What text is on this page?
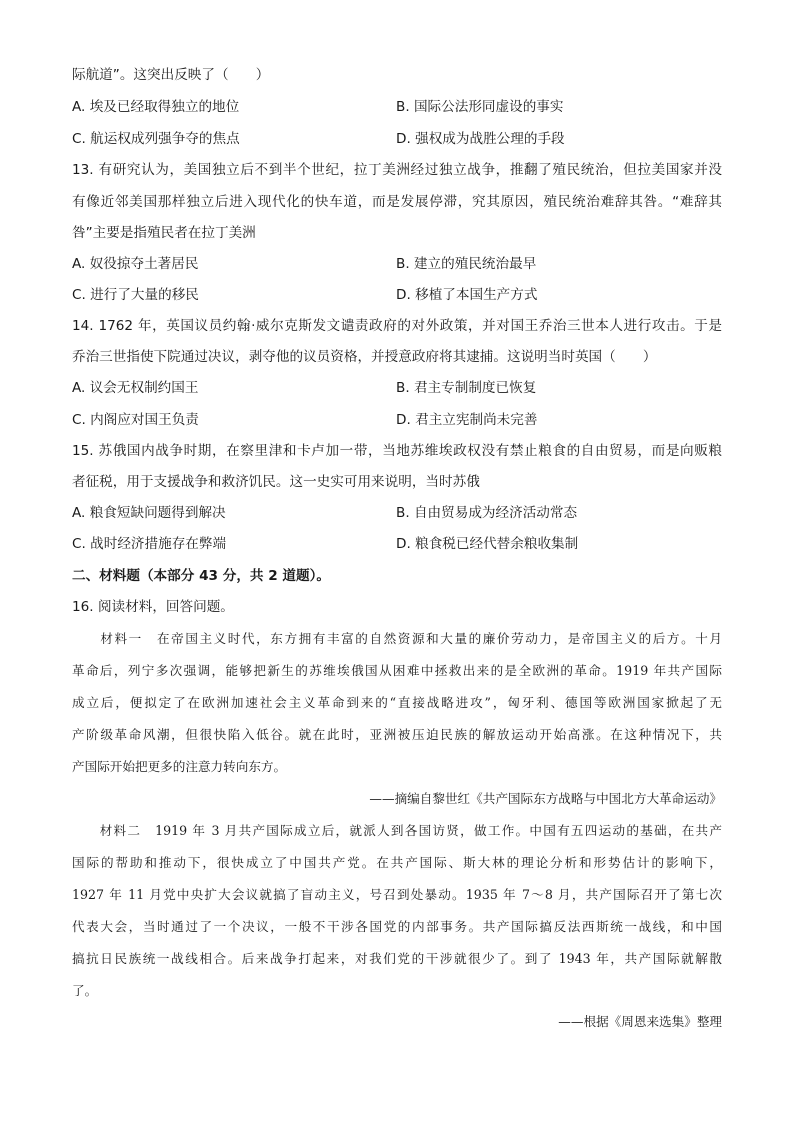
际航道”。这突出反映了（　　）
A. 埃及已经取得独立的地位	B. 国际公法形同虚设的事实
C. 航运权成列强争夺的焦点	D. 强权成为战胜公理的手段
13. 有研究认为，美国独立后不到半个世纪，拉丁美洲经过独立战争，推翻了殖民统治，但拉美国家并没
有像近邻美国那样独立后进入现代化的快车道，而是发展停滞，究其原因，殖民统治难辞其咎。“难辞其
咎”主要是指殖民者在拉丁美洲
A. 奴役掠夺土著居民	B. 建立的殖民统治最早
C. 进行了大量的移民	D. 移植了本国生产方式
14. 1762 年，英国议员约翰·威尔克斯发文谴责政府的对外政策，并对国王乔治三世本人进行攻击。于是
乔治三世指使下院通过决议，剥夺他的议员资格，并授意政府将其逮捕。这说明当时英国（　　）
A. 议会无权制约国王	B. 君主专制制度已恢复
C. 内阁应对国王负责	D. 君主立宪制尚未完善
15. 苏俄国内战争时期，在察里津和卡卢加一带，当地苏维埃政权没有禁止粮食的自由贸易，而是向贩粮
者征税，用于支援战争和救济饥民。这一史实可用来说明，当时苏俄
A. 粮食短缺问题得到解决	B. 自由贸易成为经济活动常态
C. 战时经济措施存在弊端	D. 粮食税已经代替余粮收集制
二、材料题（本部分 43 分，共 2 道题）。
16. 阅读材料，回答问题。
　　材料一　在帝国主义时代，东方拥有丰富的自然资源和大量的廉价劳动力，是帝国主义的后方。十月
革命后，列宁多次强调，能够把新生的苏维埃俄国从困难中拯救出来的是全欧洲的革命。1919 年共产国际
成立后，便拟定了在欧洲加速社会主义革命到来的“直接战略进攻”，匈牙利、德国等欧洲国家掀起了无
产阶级革命风潮，但很快陷入低谷。就在此时，亚洲被压迫民族的解放运动开始高涨。在这种情况下，共
产国际开始把更多的注意力转向东方。
——摘编自黎世红《共产国际东方战略与中国北方大革命运动》
　　材料二　1919 年 3 月共产国际成立后，就派人到各国访贤，做工作。中国有五四运动的基础，在共产
国际的帮助和推动下，很快成立了中国共产党。在共产国际、斯大林的理论分析和形势估计的影响下，
1927 年 11 月党中央扩大会议就搞了盲动主义，号召到处暴动。1935 年 7～8 月，共产国际召开了第七次
代表大会，当时通过了一个决议，一般不干涉各国党的内部事务。共产国际搞反法西斯统一战线，和中国
搞抗日民族统一战线相合。后来战争打起来，对我们党的干涉就很少了。到了 1943 年，共产国际就解散
了。
——根据《周恩来选集》整理
